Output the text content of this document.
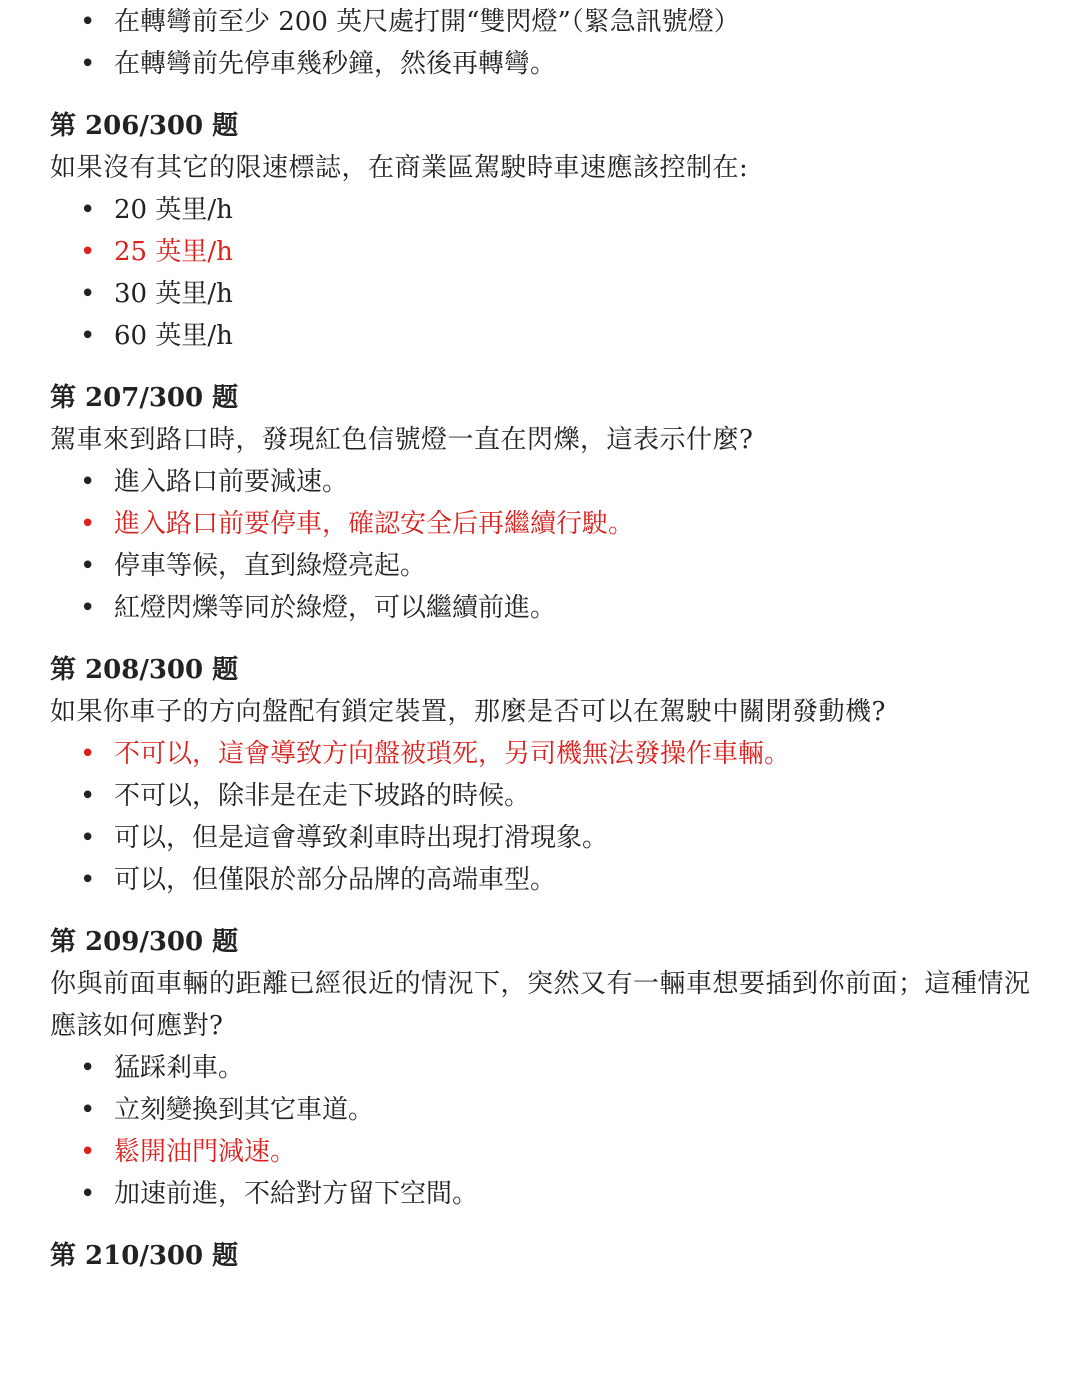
• 在轉彎前至少 200 英尺處打開“雙閃燈”（緊急訊號燈）
• 在轉彎前先停車幾秒鐘，然後再轉彎。
第 206/300 题
如果沒有其它的限速標誌，在商業區駕駛時車速應該控制在:
• 20 英里/h
• 25 英里/h
• 30 英里/h
• 60 英里/h
第 207/300 题
駕車來到路口時，發現紅色信號燈一直在閃爍，這表示什麼?
• 進入路口前要減速。
• 進入路口前要停車，確認安全后再繼續行駛。
• 停車等候，直到綠燈亮起。
• 紅燈閃爍等同於綠燈，可以繼續前進。
第 208/300 题
如果你車子的方向盤配有鎖定裝置，那麼是否可以在駕駛中關閉發動機?
• 不可以，這會導致方向盤被瑣死，另司機無法發操作車輛。
• 不可以，除非是在走下坡路的時候。
• 可以，但是這會導致剎車時出現打滑現象。
• 可以，但僅限於部分品牌的高端車型。
第 209/300 题
你與前面車輛的距離已經很近的情況下，突然又有一輛車想要插到你前面；這種情況應該如何應對?
• 猛踩剎車。
• 立刻變換到其它車道。
• 鬆開油門減速。
• 加速前進，不給對方留下空間。
第 210/300 题
